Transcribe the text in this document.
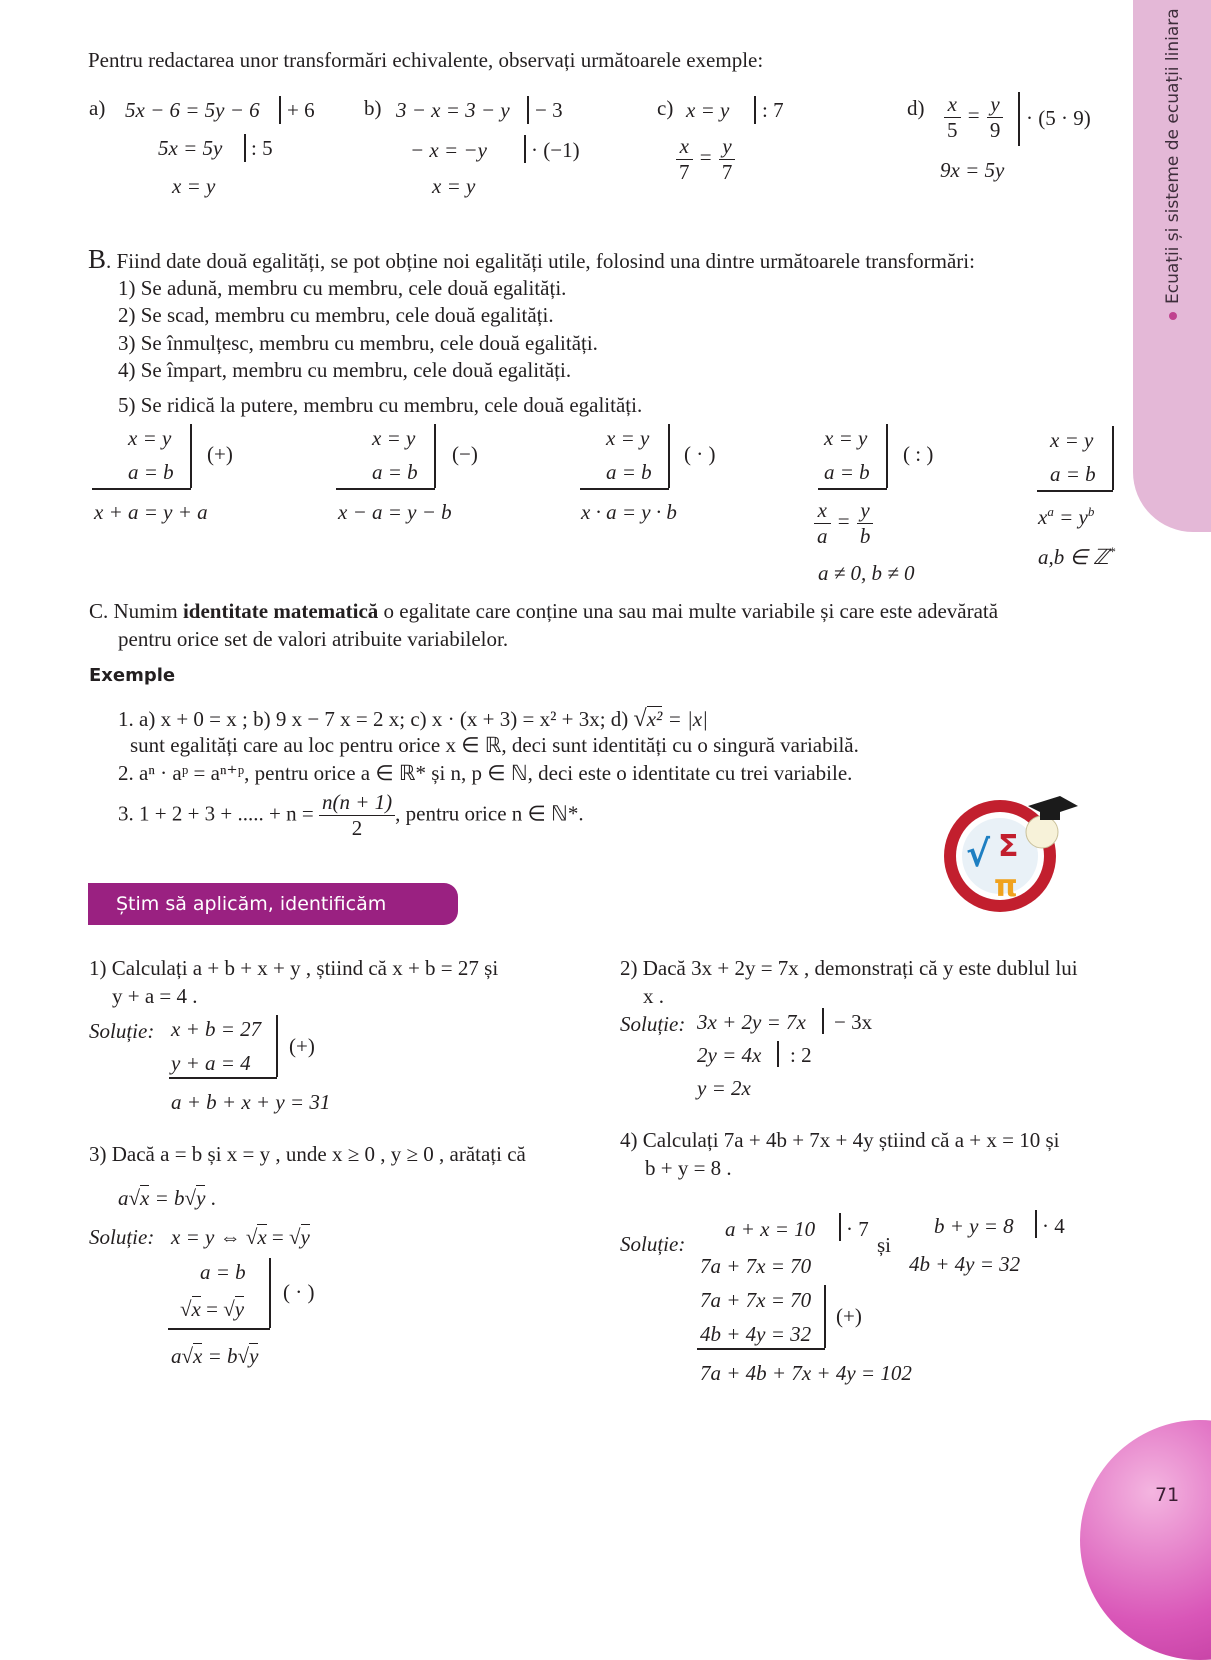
Ecuații și sisteme de ecuații liniara
Pentru redactarea unor transformări echivalente, observați următoarele exemple:
a) 5x − 6 = 5y − 6 + 6
5x = 5y : 5
x = y
b) 3 − x = 3 − y − 3
− x = −y · (−1)
x = y
c) x = y : 7
$\frac{x}{7} = \frac{y}{7}$
$d) \frac{x}{5} = \frac{y}{9} \cdot (5 \cdot 9)$
9x = 5y
B. Fiind date două egalități, se pot obține noi egalități utile, folosind una dintre următoarele transformări:
1) Se adună, membru cu membru, cele două egalități.
2) Se scad, membru cu membru, cele două egalități.
3) Se înmulțesc, membru cu membru, cele două egalități.
4) Se împart, membru cu membru, cele două egalități.
5) Se ridică la putere, membru cu membru, cele două egalități.
x = y
a = b
(+)
x + a = y + a
x = y
a = b
(−)
x − a = y − b
x = y
a = b
( · )
x · a = y · b
x = y
a = b
( : )
$\frac{x}{a} = \frac{y}{b}$
a ≠ 0, b ≠ 0
x = y
a = b
$x^a = y^b$
a,b ∈ ℤ*
C. Numim identitate matematică o egalitate care conține una sau mai multe variabile și care este adevărată
pentru orice set de valori atribuite variabilelor.
Exemple
1. a) x + 0 = x ; b) 9 x − 7 x = 2 x; c) x · (x + 3) = x² + 3x; d) √x² = |x|
sunt egalități care au loc pentru orice x ∈ ℝ, deci sunt identități cu o singură variabilă.
2. aⁿ · aᵖ = aⁿ⁺ᵖ, pentru orice a ∈ ℝ* și n, p ∈ ℕ, deci este o identitate cu trei variabile.
3. 1 + 2 + 3 + ..... + $n = \frac{n(n + 1)}{2}$ , pentru orice n ∈ ℕ*.
√ Σ
π
Știm să aplicăm, identificăm conexiuni
1) Calculați a + b + x + y , știind că x + b = 27 și
y + a = 4 .
Soluție: x + b = 27
y + a = 4
(+)
a + b + x + y = 31
2) Dacă 3x + 2y = 7x , demonstrați că y este dublul lui
x .
Soluție: 3x + 2y = 7x − 3x
2y = 4x : 2
y = 2x
3) Dacă a = b și x = y , unde x ≥ 0 , y ≥ 0 , arătați că
a√x = b√y .
Soluție: x = y ⇔ √x = √y
a = b
√x = √y
( · )
a√x = b√y
4) Calculați 7a + 4b + 7x + 4y știind că a + x = 10 și
b + y = 8 .
Soluție:
a + x = 10 · 7
și
b + y = 8 · 4
7a + 7x = 70	4b + 4y = 32
7a + 7x = 70
4b + 4y = 32
(+)
7a + 4b + 7x + 4y = 102
71
